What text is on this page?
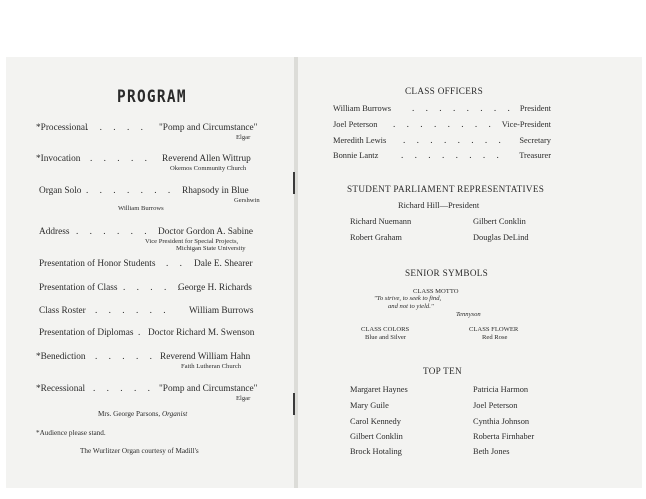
PROGRAM
*Processional
. . . . . "Pomp and Circumstance"
Elgar
*Invocation . . . . . Reverend Allen Wittrup
Okemos Community Church
Organ Solo . . . . . . . Rhapsody in Blue
Gershwin
William Burrows
Address . . . . . . Doctor Gordon A. Sabine
Vice President for Special Projects,
Michigan State University
Presentation of Honor Students . . Dale E. Shearer
Presentation of Class . . . . .
George H. Richards
Class Roster . . . . . . William Burrows
Presentation of Diplomas . Doctor Richard M. Swenson
*Benediction . . . . . Reverend William Hahn
Faith Lutheran Church
*Recessional . . . . . "Pomp and Circumstance"
Elgar
Mrs. George Parsons, Organist
*Audience please stand.
The Wurlitzer Organ courtesy of Madill's
CLASS OFFICERS
William Burrows . . . . . . . . President
Joel Peterson . . . . . . . . Vice-President
Meredith Lewis . . . . . . . . Secretary
Bonnie Lantz . . . . . . . . Treasurer
STUDENT PARLIAMENT REPRESENTATIVES
Richard Hill—President
Richard Nuemann
Robert Graham
Gilbert Conklin
Douglas DeLind
SENIOR SYMBOLS
CLASS MOTTO
"To strive, to seek to find,
and not to yield."
Tennyson
CLASS COLORS
Blue and Silver
CLASS FLOWER
Red Rose
TOP TEN
Margaret Haynes
Mary Guile
Carol Kennedy
Gilbert Conklin
Brock Hotaling
Patricia Harmon
Joel Peterson
Cynthia Johnson
Roberta Firnhaber
Beth Jones
